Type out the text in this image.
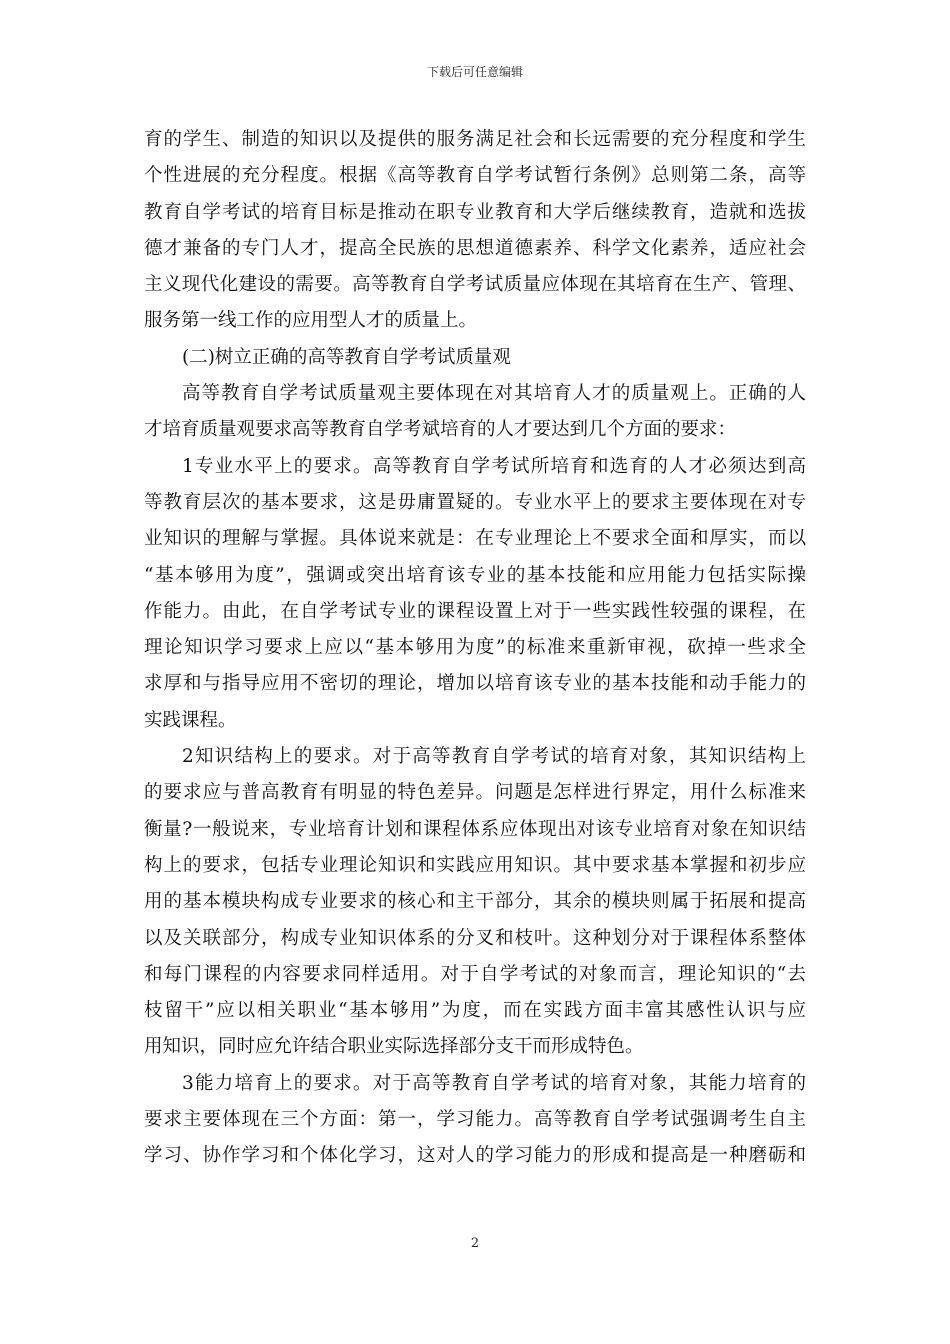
下载后可任意编辑
育的学生、制造的知识以及提供的服务满足社会和长远需要的充分程度和学生
个性进展的充分程度。根据《高等教育自学考试暂行条例》总则第二条，高等
教育自学考试的培育目标是推动在职专业教育和大学后继续教育，造就和选拔
德才兼备的专门人才，提高全民族的思想道德素养、科学文化素养，适应社会
主义现代化建设的需要。高等教育自学考试质量应体现在其培育在生产、管理、
服务第一线工作的应用型人才的质量上。
(二)树立正确的高等教育自学考试质量观
高等教育自学考试质量观主要体现在对其培育人才的质量观上。正确的人
才培育质量观要求高等教育自学考斌培育的人才要达到几个方面的要求：
1专业水平上的要求。高等教育自学考试所培育和选育的人才必须达到高
等教育层次的基本要求，这是毋庸置疑的。专业水平上的要求主要体现在对专
业知识的理解与掌握。具体说来就是：在专业理论上不要求全面和厚实，而以
“基本够用为度”，强调或突出培育该专业的基本技能和应用能力包括实际操
作能力。由此，在自学考试专业的课程设置上对于一些实践性较强的课程，在
理论知识学习要求上应以“基本够用为度”的标准来重新审视，砍掉一些求全
求厚和与指导应用不密切的理论，增加以培育该专业的基本技能和动手能力的
实践课程。
2知识结构上的要求。对于高等教育自学考试的培育对象，其知识结构上
的要求应与普高教育有明显的特色差异。问题是怎样进行界定，用什么标准来
衡量?一般说来，专业培育计划和课程体系应体现出对该专业培育对象在知识结
构上的要求，包括专业理论知识和实践应用知识。其中要求基本掌握和初步应
用的基本模块构成专业要求的核心和主干部分，其余的模块则属于拓展和提高
以及关联部分，构成专业知识体系的分叉和枝叶。这种划分对于课程体系整体
和每门课程的内容要求同样适用。对于自学考试的对象而言，理论知识的“去
枝留干”应以相关职业“基本够用”为度，而在实践方面丰富其感性认识与应
用知识，同时应允许结合职业实际选择部分支干而形成特色。
3能力培育上的要求。对于高等教育自学考试的培育对象，其能力培育的
要求主要体现在三个方面：第一，学习能力。高等教育自学考试强调考生自主
学习、协作学习和个体化学习，这对人的学习能力的形成和提高是一种磨砺和
2
